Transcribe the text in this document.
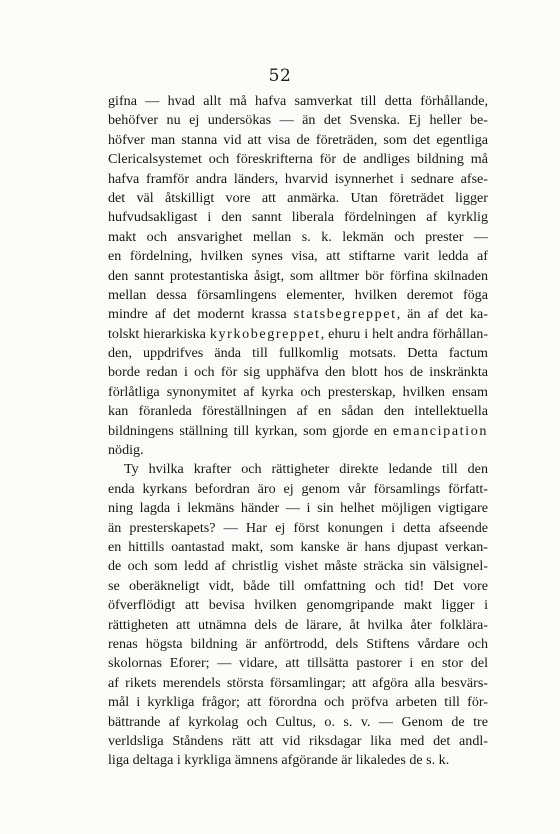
52
gifna — hvad allt må hafva samverkat till detta förhållande,
behöfver nu ej undersökas — än det Svenska. Ej heller be-
höfver man stanna vid att visa de företräden, som det egentliga
Clericalsystemet och föreskrifterna för de andliges bildning må
hafva framför andra länders, hvarvid isynnerhet i sednare afse-
det väl åtskilligt vore att anmärka. Utan företrädet ligger
hufvudsakligast i den sannt liberala fördelningen af kyrklig
makt och ansvarighet mellan s. k. lekmän och prester —
en fördelning, hvilken synes visa, att stiftarne varit ledda af
den sannt protestantiska åsigt, som alltmer bör förfina skilnaden
mellan dessa församlingens elementer, hvilken deremot föga
mindre af det modernt krassa statsbegreppet, än af det ka-
tolskt hierarkiska kyrkobegreppet, ehuru i helt andra förhållan-
den, uppdrifves ända till fullkomlig motsats. Detta factum
borde redan i och för sig upphäfva den blott hos de inskränkta
förlåtliga synonymitet af kyrka och presterskap, hvilken ensam
kan föranleda föreställningen af en sådan den intellektuella
bildningens ställning till kyrkan, som gjorde en emancipation
nödig.
Ty hvilka krafter och rättigheter direkte ledande till den
enda kyrkans befordran äro ej genom vår församlings författ-
ning lagda i lekmäns händer — i sin helhet möjligen vigtigare
än presterskapets? — Har ej först konungen i detta afseende
en hittills oantastad makt, som kanske är hans djupast verkan-
de och som ledd af christlig vishet måste sträcka sin välsignel-
se oberäkneligt vidt, både till omfattning och tid! Det vore
öfverflödigt att bevisa hvilken genomgripande makt ligger i
rättigheten att utnämna dels de lärare, åt hvilka åter folklära-
renas högsta bildning är anförtrodd, dels Stiftens vårdare och
skolornas Eforer; — vidare, att tillsätta pastorer i en stor del
af rikets merendels största församlingar; att afgöra alla besvärs-
mål i kyrkliga frågor; att förordna och pröfva arbeten till för-
bättrande af kyrkolag och Cultus, o. s. v. — Genom de tre
verldsliga Ståndens rätt att vid riksdagar lika med det andl-
liga deltaga i kyrkliga ämnens afgörande är likaledes de s. k.
